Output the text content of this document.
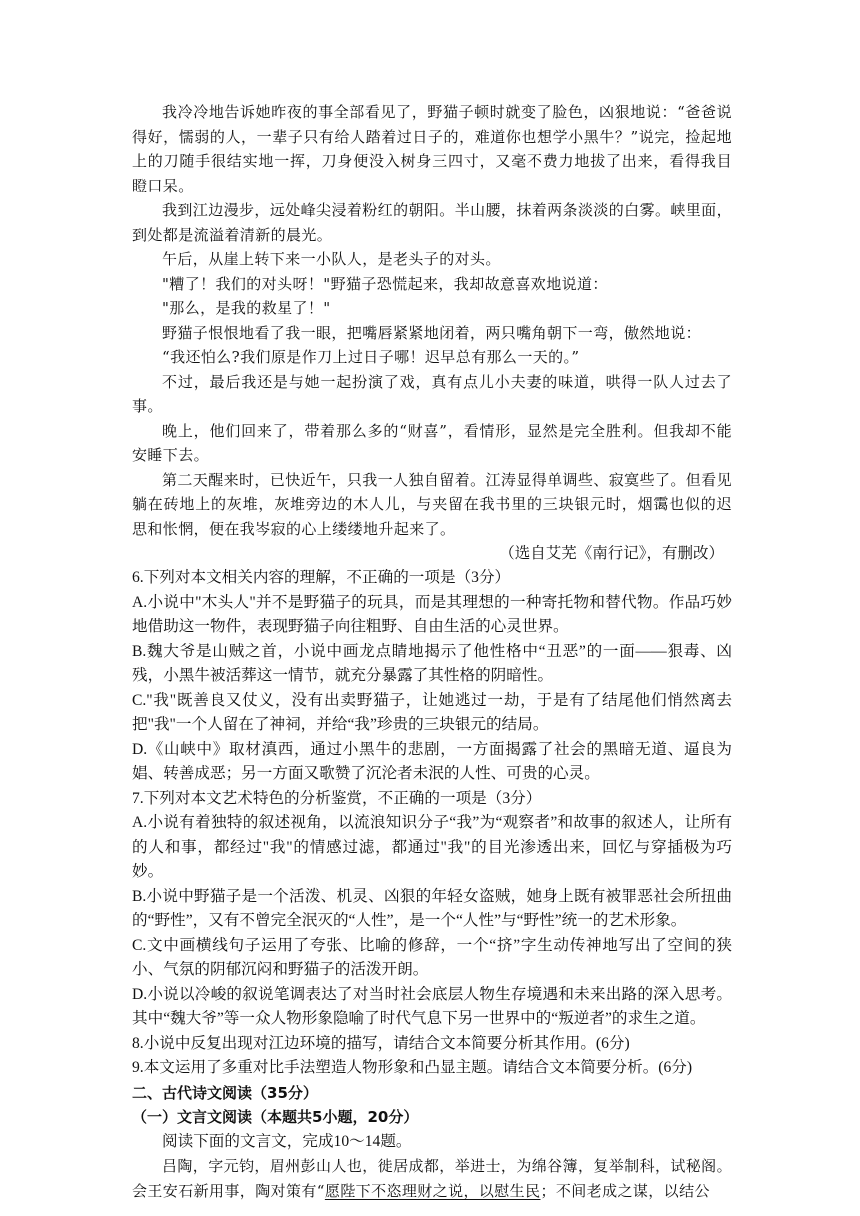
我冷冷地告诉她昨夜的事全部看见了，野猫子顿时就变了脸色，凶狠地说：“爸爸说得好，懦弱的人，一辈子只有给人踏着过日子的，难道你也想学小黑牛？”说完，捡起地上的刀随手很结实地一挥，刀身便没入树身三四寸，又毫不费力地拔了出来，看得我目瞪口呆。

我到江边漫步，远处峰尖浸着粉红的朝阳。半山腰，抹着两条淡淡的白雾。峡里面，到处都是流溢着清新的晨光。

午后，从崖上转下来一小队人，是老头子的对头。

"糟了！我们的对头呀！"野猫子恐慌起来，我却故意喜欢地说道：

"那么，是我的救星了！"

野猫子恨恨地看了我一眼，把嘴唇紧紧地闭着，两只嘴角朝下一弯，傲然地说：

“我还怕么?我们原是作刀上过日子哪！迟早总有那么一天的。”

不过，最后我还是与她一起扮演了戏，真有点儿小夫妻的味道，哄得一队人过去了事。

晚上，他们回来了，带着那么多的“财喜”，看情形，显然是完全胜利。但我却不能安睡下去。

第二天醒来时，已快近午，只我一人独自留着。江涛显得单调些、寂寞些了。但看见躺在砖地上的灰堆，灰堆旁边的木人儿，与夹留在我书里的三块银元时，烟霭也似的迟思和怅惘，便在我岑寂的心上缕缕地升起来了。

（选自艾芜《南行记》，有删改）

6.下列对本文相关内容的理解，不正确的一项是（3分）

A.小说中"木头人"并不是野猫子的玩具，而是其理想的一种寄托物和替代物。作品巧妙地借助这一物件，表现野猫子向往粗野、自由生活的心灵世界。

B.魏大爷是山贼之首，小说中画龙点睛地揭示了他性格中“丑恶”的一面——狠毒、凶残，小黑牛被活葬这一情节，就充分暴露了其性格的阴暗性。

C."我"既善良又仗义，没有出卖野猫子，让她逃过一劫，于是有了结尾他们悄然离去把"我"一个人留在了神祠，并给“我”珍贵的三块银元的结局。

D.《山峡中》取材滇西，通过小黑牛的悲剧，一方面揭露了社会的黑暗无道、逼良为娼、转善成恶；另一方面又歌赞了沉沦者未泯的人性、可贵的心灵。

7.下列对本文艺术特色的分析鉴赏，不正确的一项是（3分）

A.小说有着独特的叙述视角，以流浪知识分子“我”为“观察者”和故事的叙述人，让所有的人和事，都经过"我"的情感过滤，都通过"我"的目光渗透出来，回忆与穿插极为巧妙。

B.小说中野猫子是一个活泼、机灵、凶狠的年轻女盗贼，她身上既有被罪恶社会所扭曲的“野性”，又有不曾完全泯灭的“人性”，是一个“人性”与“野性”统一的艺术形象。

C.文中画横线句子运用了夸张、比喻的修辞，一个“挤”字生动传神地写出了空间的狭小、气氛的阴郁沉闷和野猫子的活泼开朗。

D.小说以冷峻的叙说笔调表达了对当时社会底层人物生存境遇和未来出路的深入思考。其中“魏大爷”等一众人物形象隐喻了时代气息下另一世界中的“叛逆者”的求生之道。

8.小说中反复出现对江边环境的描写，请结合文本简要分析其作用。(6分)

9.本文运用了多重对比手法塑造人物形象和凸显主题。请结合文本简要分析。(6分)

二、古代诗文阅读（35分）

（一）文言文阅读（本题共5小题，20分）

阅读下面的文言文，完成10～14题。

吕陶，字元钧，眉州彭山人也，徙居成都，举进士，为绵谷簿，复举制科，试秘阁。会王安石新用事，陶对策有“愿陛下不恣理财之说，以慰生民；不间老成之谋，以结公
